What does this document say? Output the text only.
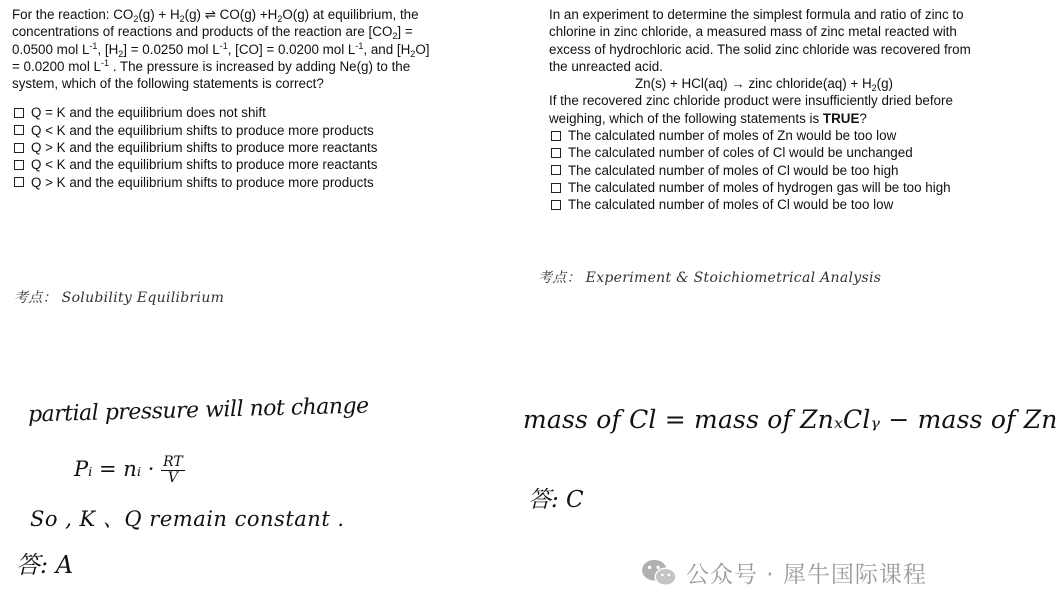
For the reaction: $CO_2(g) + H_2(g)$ ⇌ $CO(g) +H_2O(g)$ at equilibrium, the concentrations of reactions and products of the reaction are $[CO_2] = 0.0500$ mol $L^{-1}$, $[H_2] = 0.0250$ mol $L^{-1}$, [CO] = 0.0200 mol $L^{-1}$, and $[H_2O] = 0.0200$ mol $L^{-1}$ . The pressure is increased by adding Ne(g) to the system, which of the following statements is correct?

Q = K and the equilibrium does not shift
Q < K and the equilibrium shifts to produce more products
Q > K and the equilibrium shifts to produce more reactants
Q < K and the equilibrium shifts to produce more reactants
Q > K and the equilibrium shifts to produce more products

In an experiment to determine the simplest formula and ratio of zinc to chlorine in zinc chloride, a measured mass of zinc metal reacted with excess of hydrochloric acid. The solid zinc chloride was recovered from the unreacted acid.

Zn(s) + HCl(aq) → zinc chloride(aq) + $H_2(g)$

If the recovered zinc chloride product were insufficiently dried before weighing, which of the following statements is TRUE?

The calculated number of moles of Zn would be too low
The calculated number of coles of Cl would be unchanged
The calculated number of moles of Cl would be too high
The calculated number of moles of hydrogen gas will be too high
The calculated number of moles of Cl would be too low
考点： Solubility Equilibrium
考点： Experiment & Stoichiometrical Analysis
partial pressure will not change
Pᵢ = nᵢ · $\frac{RT}{V}$
So , K 、Q remain constant .
答: A
mass of Cl = mass of ZnₓClᵧ − mass of Zn
答: C
公众号 · 犀牛国际课程
